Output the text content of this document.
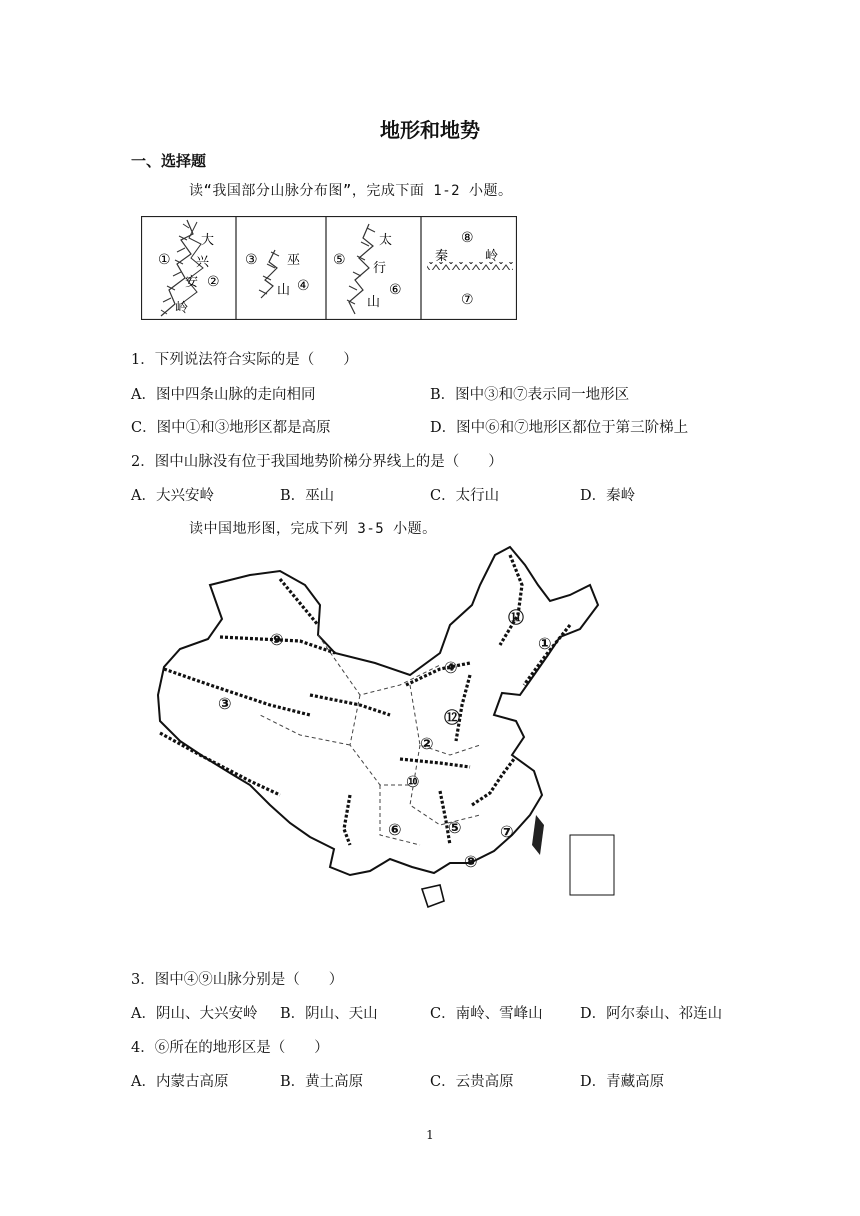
地形和地势
一、选择题
读“我国部分山脉分布图”，完成下面 1-2 小题。
①
②
大
兴
安
岭
③
④
巫
山
⑤
⑥
太
行
山
⑧
⑦
秦	岭
1．下列说法符合实际的是（　　）
A．图中四条山脉的走向相同	B．图中③和⑦表示同一地形区
C．图中①和③地形区都是高原	D．图中⑥和⑦地形区都位于第三阶梯上
2．图中山脉没有位于我国地势阶梯分界线上的是（　　）
A．大兴安岭	B．巫山	C．太行山	D．秦岭
读中国地形图，完成下列 3-5 小题。
①
②
③
④
⑤
⑥	⑦
⑧
⑨
⑩
⑪
⑫
3．图中④⑨山脉分别是（　　）
A．阴山、大兴安岭 B．阴山、天山	C．南岭、雪峰山	D．阿尔泰山、祁连山
4．⑥所在的地形区是（　　）
A．内蒙古高原	B．黄土高原	C．云贵高原	D．青藏高原
1
